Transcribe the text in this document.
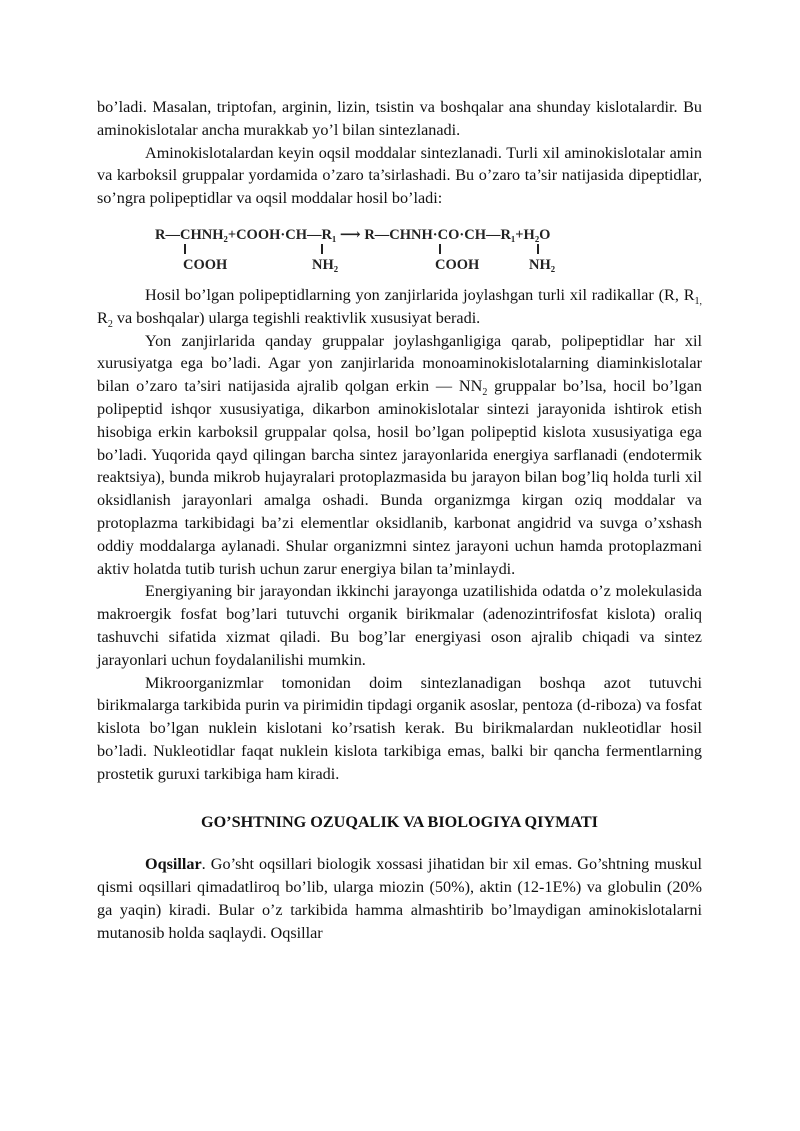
bo’ladi. Masalan, triptofan, arginin, lizin, tsistin va boshqalar ana shunday kislotalardir. Bu aminokislotalar ancha murakkab yo’l bilan sintezlanadi.

Aminokislotalardan keyin oqsil moddalar sintezlanadi. Turli xil aminokislotalar amin va karboksil gruppalar yordamida o’zaro ta’sirlashadi. Bu o’zaro ta’sir natijasida dipeptidlar, so’ngra polipeptidlar va oqsil moddalar hosil bo’ladi:

R—CHNH₂+COOH·CH—R₁ ⟶ R—CHNH·CO·CH—R₁+H₂O
COOH	NH₂	COOH	NH₂

Hosil bo’lgan polipeptidlarning yon zanjirlarida joylashgan turli xil radikallar (R, $R_{1,}$ $R_2$ va boshqalar) ularga tegishli reaktivlik xususiyat beradi.

Yon zanjirlarida qanday gruppalar joylashganligiga qarab, polipeptidlar har xil xurusiyatga ega bo’ladi. Agar yon zanjirlarida monoaminokislotalarning diaminkislotalar bilan o’zaro ta’siri natijasida ajralib qolgan erkin — $NN_2$ gruppalar bo’lsa, hocil bo’lgan polipeptid ishqor xususiyatiga, dikarbon aminokislotalar sintezi jarayonida ishtirok etish hisobiga erkin karboksil gruppalar qolsa, hosil bo’lgan polipeptid kislota xususiyatiga ega bo’ladi. Yuqorida qayd qilingan barcha sintez jarayonlarida energiya sarflanadi (endotermik reaktsiya), bunda mikrob hujayralari protoplazmasida bu jarayon bilan bog’liq holda turli xil oksidlanish jarayonlari amalga oshadi. Bunda organizmga kirgan oziq moddalar va protoplazma tarkibidagi ba’zi elementlar oksidlanib, karbonat angidrid va suvga o’xshash oddiy moddalarga aylanadi. Shular organizmni sintez jarayoni uchun hamda protoplazmani aktiv holatda tutib turish uchun zarur energiya bilan ta’minlaydi.

Energiyaning bir jarayondan ikkinchi jarayonga uzatilishida odatda o’z molekulasida makroergik fosfat bog’lari tutuvchi organik birikmalar (adenozintrifosfat kislota) oraliq tashuvchi sifatida xizmat qiladi. Bu bog’lar energiyasi oson ajralib chiqadi va sintez jarayonlari uchun foydalanilishi mumkin.

Mikroorganizmlar tomonidan doim sintezlanadigan boshqa azot tutuvchi birikmalarga tarkibida purin va pirimidin tipdagi organik asoslar, pentoza (d-riboza) va fosfat kislota bo’lgan nuklein kislotani ko’rsatish kerak. Bu birikmalardan nukleotidlar hosil bo’ladi. Nukleotidlar faqat nuklein kislota tarkibiga emas, balki bir qancha fermentlarning prostetik guruxi tarkibiga ham kiradi.

GO’SHTNING OZUQALIK VA BIOLOGIYA QIYMATI

Oqsillar. Go’sht oqsillari biologik xossasi jihatidan bir xil emas. Go’shtning muskul qismi oqsillari qimadatliroq bo’lib, ularga miozin (50%), aktin (12-1E%) va globulin (20% ga yaqin) kiradi. Bular o’z tarkibida hamma almashtirib bo’lmaydigan aminokislotalarni mutanosib holda saqlaydi. Oqsillar
